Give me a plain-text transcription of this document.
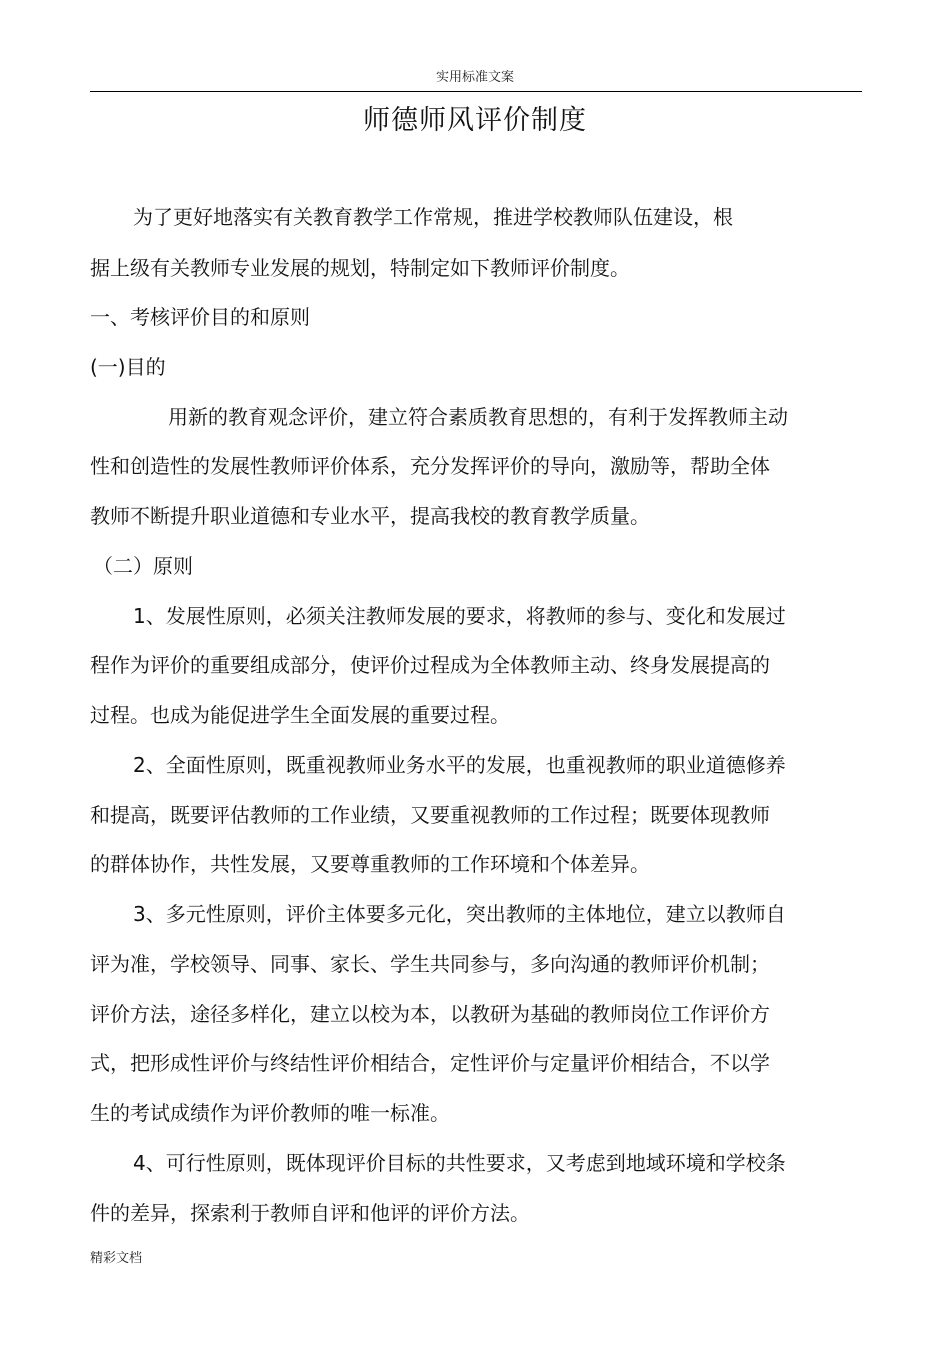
实用标准文案
师德师风评价制度
为了更好地落实有关教育教学工作常规，推进学校教师队伍建设，根
据上级有关教师专业发展的规划，特制定如下教师评价制度。
一、考核评价目的和原则
(一)目的
用新的教育观念评价，建立符合素质教育思想的，有利于发挥教师主动
性和创造性的发展性教师评价体系，充分发挥评价的导向，激励等，帮助全体
教师不断提升职业道德和专业水平，提高我校的教育教学质量。
（二）原则
1、发展性原则，必须关注教师发展的要求，将教师的参与、变化和发展过
程作为评价的重要组成部分，使评价过程成为全体教师主动、终身发展提高的
过程。也成为能促进学生全面发展的重要过程。
2、全面性原则，既重视教师业务水平的发展，也重视教师的职业道德修养
和提高，既要评估教师的工作业绩，又要重视教师的工作过程；既要体现教师
的群体协作，共性发展，又要尊重教师的工作环境和个体差异。
3、多元性原则，评价主体要多元化，突出教师的主体地位，建立以教师自
评为准，学校领导、同事、家长、学生共同参与，多向沟通的教师评价机制；
评价方法，途径多样化，建立以校为本，以教研为基础的教师岗位工作评价方
式，把形成性评价与终结性评价相结合，定性评价与定量评价相结合，不以学
生的考试成绩作为评价教师的唯一标准。
4、可行性原则，既体现评价目标的共性要求，又考虑到地域环境和学校条
件的差异，探索利于教师自评和他评的评价方法。
精彩文档
